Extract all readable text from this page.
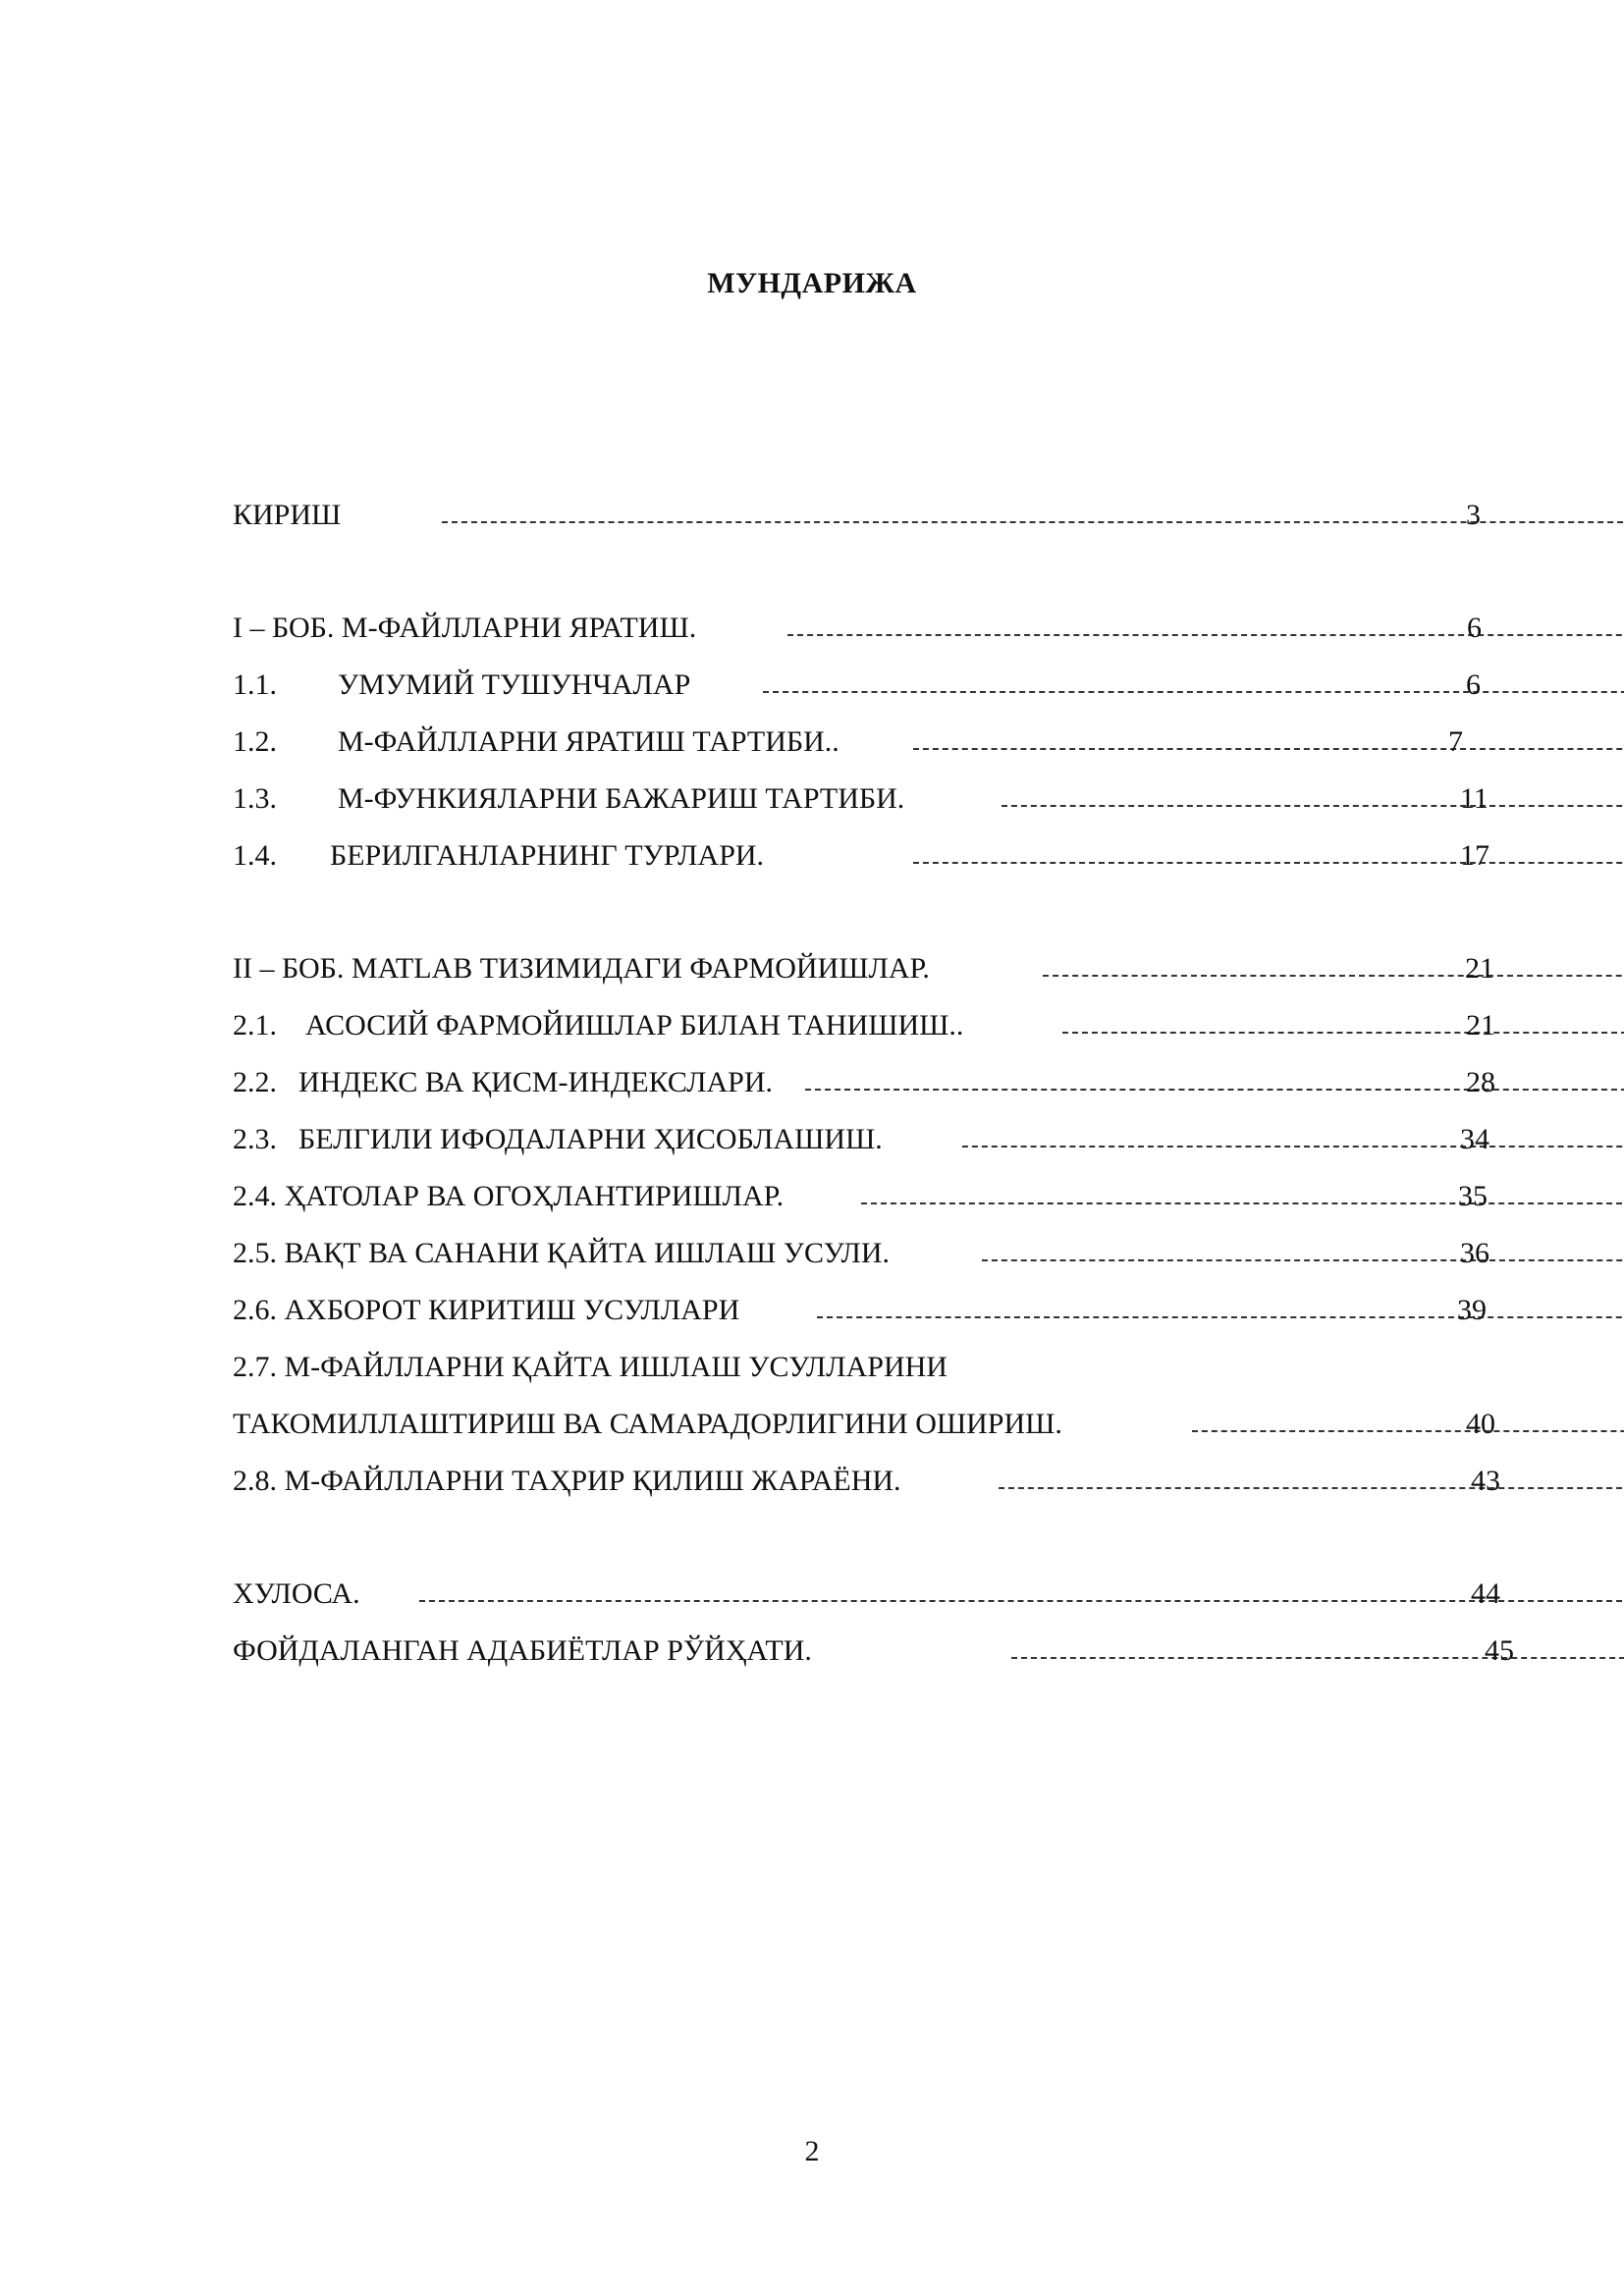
МУНДАРИЖА
КИРИШ	3
I – БОБ. М-ФАЙЛЛАРНИ ЯРАТИШ.	6
1.1. УМУМИЙ ТУШУНЧАЛАР	6
1.2. М-ФАЙЛЛАРНИ ЯРАТИШ ТАРТИБИ..	7
1.3. М-ФУНКИЯЛАРНИ БАЖАРИШ ТАРТИБИ.	11
1.4. БЕРИЛГАНЛАРНИНГ ТУРЛАРИ.	17
II – БОБ. MATLAB ТИЗИМИДАГИ ФАРМОЙИШЛАР.	21
2.1. АСОСИЙ ФАРМОЙИШЛАР БИЛАН ТАНИШИШ..	21
2.2. ИНДЕКС ВА ҚИСМ-ИНДЕКСЛАРИ.	28
2.3. БЕЛГИЛИ ИФОДАЛАРНИ ҲИСОБЛАШИШ.	34
2.4. ҲАТОЛАР ВА ОГОҲЛАНТИРИШЛАР.	35
2.5. ВАҚТ ВА САНАНИ ҚАЙТА ИШЛАШ УСУЛИ.	36
2.6. АХБОРОТ КИРИТИШ УСУЛЛАРИ	39
2.7. М-ФАЙЛЛАРНИ ҚАЙТА ИШЛАШ УСУЛЛАРИНИ
ТАКОМИЛЛАШТИРИШ ВА САМАРАДОРЛИГИНИ ОШИРИШ.	40
2.8. М-ФАЙЛЛАРНИ ТАҲРИР ҚИЛИШ ЖАРАЁНИ.	43
ХУЛОСА.	44
ФОЙДАЛАНГАН АДАБИЁТЛАР РЎЙҲАТИ.	45
2
